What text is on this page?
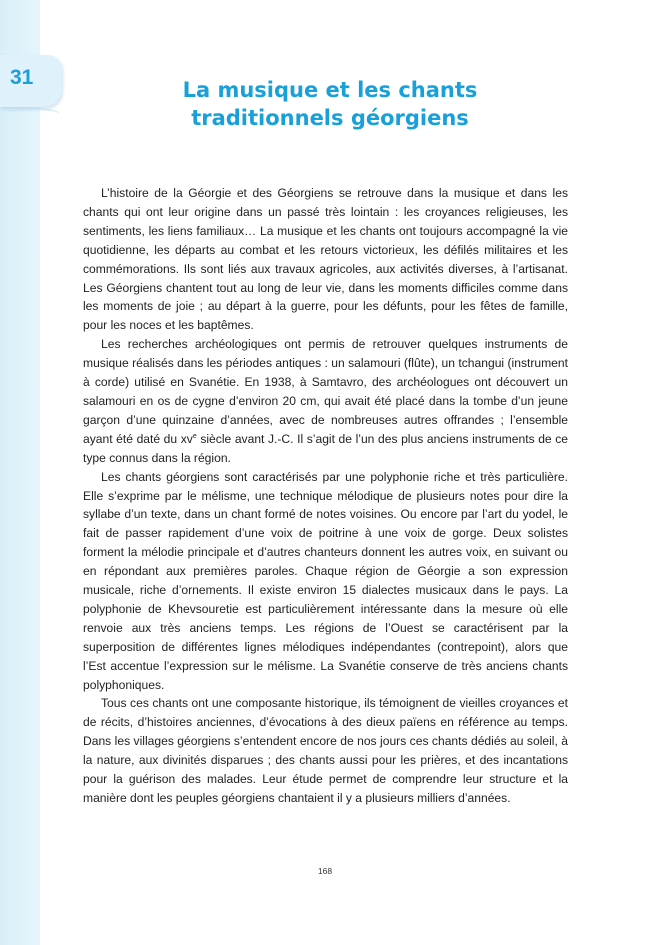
31
La musique et les chants
traditionnels géorgiens

L’histoire de la Géorgie et des Géorgiens se retrouve dans la musique et dans les chants qui ont leur origine dans un passé très lointain : les croyances religieuses, les sentiments, les liens familiaux… La musique et les chants ont toujours accompagné la vie quotidienne, les départs au combat et les retours victorieux, les défilés militaires et les commémorations. Ils sont liés aux travaux agricoles, aux activités diverses, à l’artisanat. Les Géorgiens chantent tout au long de leur vie, dans les moments difficiles comme dans les moments de joie ; au départ à la guerre, pour les défunts, pour les fêtes de famille, pour les noces et les baptêmes.

Les recherches archéologiques ont permis de retrouver quelques instruments de musique réalisés dans les périodes antiques : un salamouri (flûte), un tchangui (instrument à corde) utilisé en Svanétie. En 1938, à Samtavro, des archéologues ont découvert un salamouri en os de cygne d’environ 20 cm, qui avait été placé dans la tombe d’un jeune garçon d’une quinzaine d’années, avec de nombreuses autres offrandes ; l’ensemble ayant été daté du $xv^e$ siècle avant J.-C. Il s’agit de l’un des plus anciens instruments de ce type connus dans la région.

Les chants géorgiens sont caractérisés par une polyphonie riche et très particulière. Elle s’exprime par le mélisme, une technique mélodique de plusieurs notes pour dire la syllabe d’un texte, dans un chant formé de notes voisines. Ou encore par l’art du yodel, le fait de passer rapidement d’une voix de poitrine à une voix de gorge. Deux solistes forment la mélodie principale et d’autres chanteurs donnent les autres voix, en suivant ou en répondant aux premières paroles. Chaque région de Géorgie a son expression musicale, riche d’ornements. Il existe environ 15 dialectes musicaux dans le pays. La polyphonie de Khevsouretie est particulièrement intéressante dans la mesure où elle renvoie aux très anciens temps. Les régions de l’Ouest se caractérisent par la superposition de différentes lignes mélodiques indépendantes (contrepoint), alors que l’Est accentue l’expression sur le mélisme. La Svanétie conserve de très anciens chants polyphoniques.

Tous ces chants ont une composante historique, ils témoignent de vieilles croyances et de récits, d’histoires anciennes, d’évocations à des dieux païens en référence au temps. Dans les villages géorgiens s’entendent encore de nos jours ces chants dédiés au soleil, à la nature, aux divinités disparues ; des chants aussi pour les prières, et des incantations pour la guérison des malades. Leur étude permet de comprendre leur structure et la manière dont les peuples géorgiens chantaient il y a plusieurs milliers d’années.

168
